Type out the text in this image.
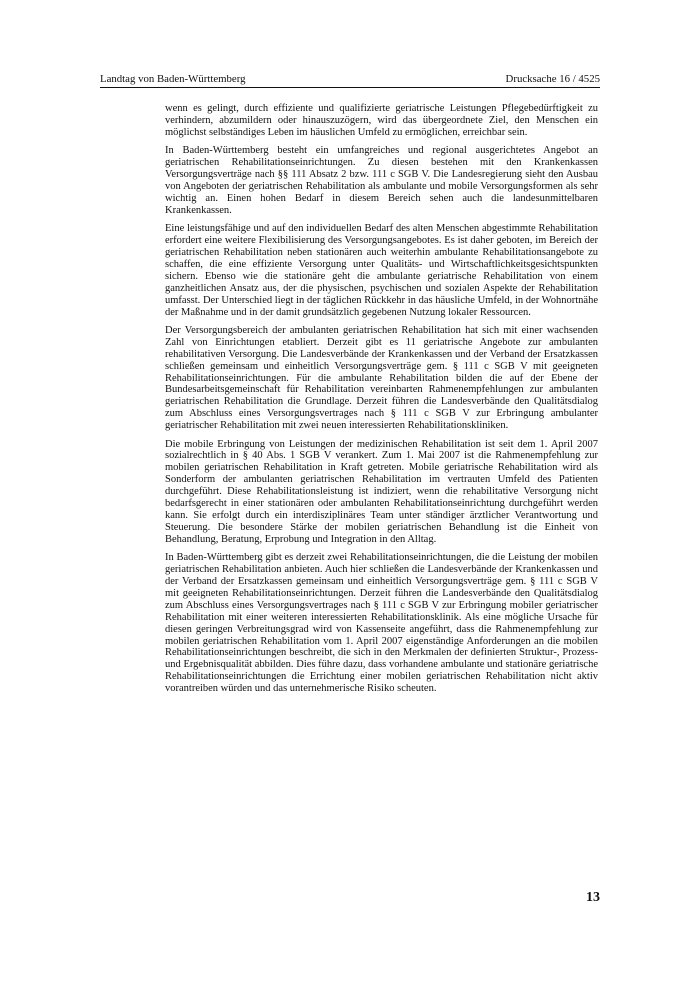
Landtag von Baden-Württemberg	Drucksache 16 / 4525

wenn es gelingt, durch effiziente und qualifizierte geriatrische Leistungen Pflegebedürftigkeit zu verhindern, abzumildern oder hinauszuzögern, wird das übergeordnete Ziel, den Menschen ein möglichst selbständiges Leben im häuslichen Umfeld zu ermöglichen, erreichbar sein.

In Baden-Württemberg besteht ein umfangreiches und regional ausgerichtetes Angebot an geriatrischen Rehabilitationseinrichtungen. Zu diesen bestehen mit den Krankenkassen Versorgungsverträge nach §§ 111 Absatz 2 bzw. 111 c SGB V. Die Landesregierung sieht den Ausbau von Angeboten der geriatrischen Rehabilitation als ambulante und mobile Versorgungsformen als sehr wichtig an. Einen hohen Bedarf in diesem Bereich sehen auch die landesunmittelbaren Krankenkassen.

Eine leistungsfähige und auf den individuellen Bedarf des alten Menschen abgestimmte Rehabilitation erfordert eine weitere Flexibilisierung des Versorgungsangebotes. Es ist daher geboten, im Bereich der geriatrischen Rehabilitation neben stationären auch weiterhin ambulante Rehabilitationsangebote zu schaffen, die eine effiziente Versorgung unter Qualitäts- und Wirtschaftlichkeitsgesichtspunkten sichern. Ebenso wie die stationäre geht die ambulante geriatrische Rehabilitation von einem ganzheitlichen Ansatz aus, der die physischen, psychischen und sozialen Aspekte der Rehabilitation umfasst. Der Unterschied liegt in der täglichen Rückkehr in das häusliche Umfeld, in der Wohnortnähe der Maßnahme und in der damit grundsätzlich gegebenen Nutzung lokaler Ressourcen.

Der Versorgungsbereich der ambulanten geriatrischen Rehabilitation hat sich mit einer wachsenden Zahl von Einrichtungen etabliert. Derzeit gibt es 11 geriatrische Angebote zur ambulanten rehabilitativen Versorgung. Die Landesverbände der Krankenkassen und der Verband der Ersatzkassen schließen gemeinsam und einheitlich Versorgungsverträge gem. § 111 c SGB V mit geeigneten Rehabilitationseinrichtungen. Für die ambulante Rehabilitation bilden die auf der Ebene der Bundesarbeitsgemeinschaft für Rehabilitation vereinbarten Rahmenempfehlungen zur ambulanten geriatrischen Rehabilitation die Grundlage. Derzeit führen die Landesverbände den Qualitätsdialog zum Abschluss eines Versorgungsvertrages nach § 111 c SGB V zur Erbringung ambulanter geriatrischer Rehabilitation mit zwei neuen interessierten Rehabilitationskliniken.

Die mobile Erbringung von Leistungen der medizinischen Rehabilitation ist seit dem 1. April 2007 sozialrechtlich in § 40 Abs. 1 SGB V verankert. Zum 1. Mai 2007 ist die Rahmenempfehlung zur mobilen geriatrischen Rehabilitation in Kraft getreten. Mobile geriatrische Rehabilitation wird als Sonderform der ambulanten geriatrischen Rehabilitation im vertrauten Umfeld des Patienten durchgeführt. Diese Rehabilitationsleistung ist indiziert, wenn die rehabilitative Versorgung nicht bedarfsgerecht in einer stationären oder ambulanten Rehabilitationseinrichtung durchgeführt werden kann. Sie erfolgt durch ein interdisziplinäres Team unter ständiger ärztlicher Verantwortung und Steuerung. Die besondere Stärke der mobilen geriatrischen Behandlung ist die Einheit von Behandlung, Beratung, Erprobung und Integration in den Alltag.

In Baden-Württemberg gibt es derzeit zwei Rehabilitationseinrichtungen, die die Leistung der mobilen geriatrischen Rehabilitation anbieten. Auch hier schließen die Landesverbände der Krankenkassen und der Verband der Ersatzkassen gemeinsam und einheitlich Versorgungsverträge gem. § 111 c SGB V mit geeigneten Rehabilitationseinrichtungen. Derzeit führen die Landesverbände den Qualitätsdialog zum Abschluss eines Versorgungsvertrages nach § 111 c SGB V zur Erbringung mobiler geriatrischer Rehabilitation mit einer weiteren interessierten Rehabilitationsklinik. Als eine mögliche Ursache für diesen geringen Verbreitungsgrad wird von Kassenseite angeführt, dass die Rahmenempfehlung zur mobilen geriatrischen Rehabilitation vom 1. April 2007 eigenständige Anforderungen an die mobilen Rehabilitationseinrichtungen beschreibt, die sich in den Merkmalen der definierten Struktur-, Prozess- und Ergebnisqualität abbilden. Dies führe dazu, dass vorhandene ambulante und stationäre geriatrische Rehabilitationseinrichtungen die Errichtung einer mobilen geriatrischen Rehabilitation nicht aktiv vorantreiben würden und das unternehmerische Risiko scheuten.

13
